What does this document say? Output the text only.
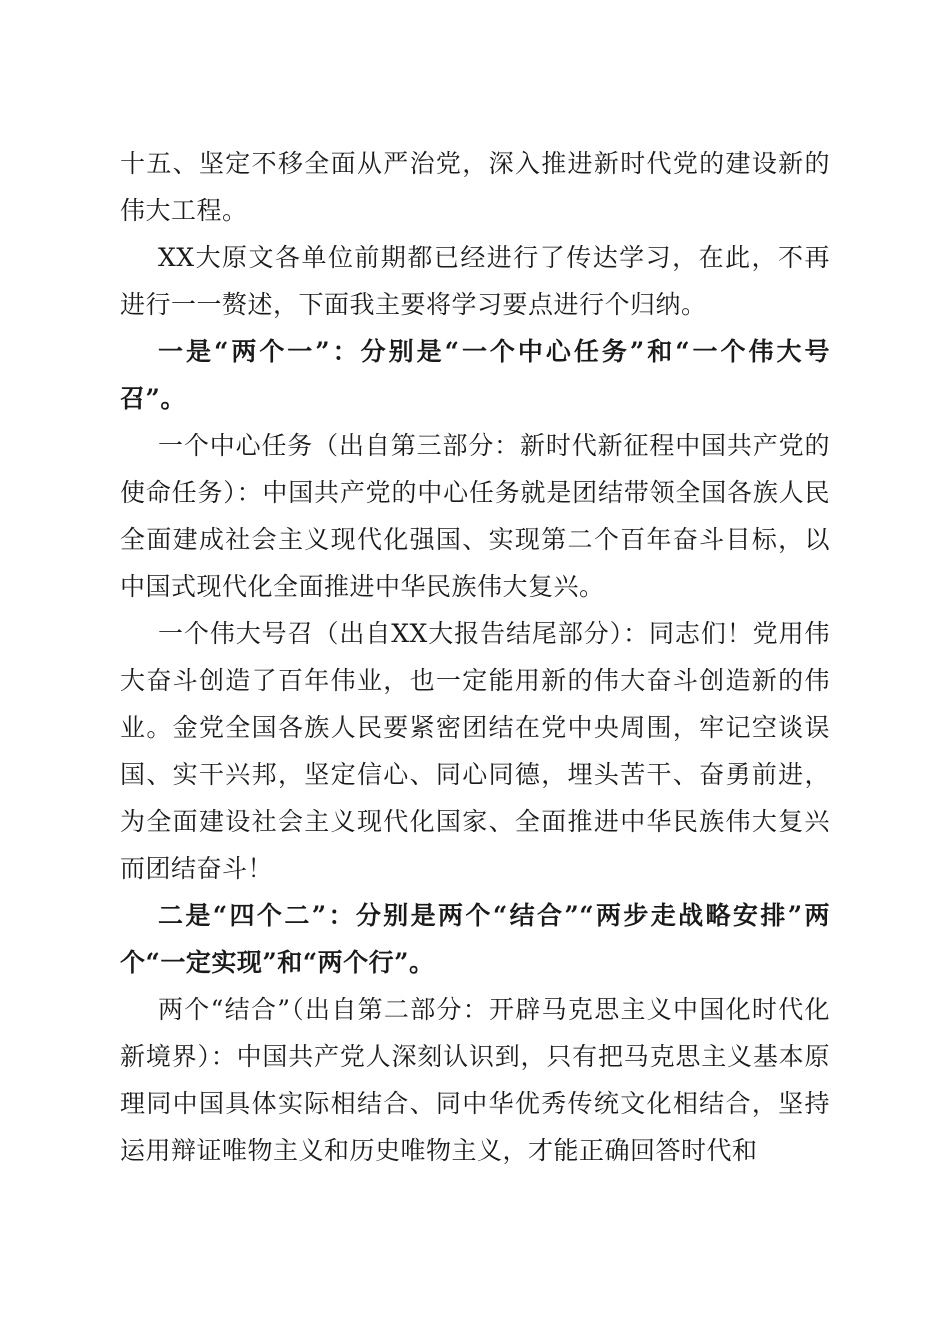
十五、坚定不移全面从严治党，深入推进新时代党的建设新的伟大工程。

XX大原文各单位前期都已经进行了传达学习，在此，不再进行一一赘述，下面我主要将学习要点进行个归纳。

一是“两个一”：分别是“一个中心任务”和“一个伟大号召”。

一个中心任务（出自第三部分：新时代新征程中国共产党的使命任务）：中国共产党的中心任务就是团结带领全国各族人民全面建成社会主义现代化强国、实现第二个百年奋斗目标，以中国式现代化全面推进中华民族伟大复兴。

一个伟大号召（出自XX大报告结尾部分）：同志们！党用伟大奋斗创造了百年伟业，也一定能用新的伟大奋斗创造新的伟业。金党全国各族人民要紧密团结在党中央周围，牢记空谈误国、实干兴邦，坚定信心、同心同德，埋头苦干、奋勇前进，为全面建设社会主义现代化国家、全面推进中华民族伟大复兴而团结奋斗！

二是“四个二”：分别是两个“结合”“两步走战略安排”两个“一定实现”和“两个行”。

两个“结合”（出自第二部分：开辟马克思主义中国化时代化新境界）：中国共产党人深刻认识到，只有把马克思主义基本原理同中国具体实际相结合、同中华优秀传统文化相结合，坚持运用辩证唯物主义和历史唯物主义，才能正确回答时代和
